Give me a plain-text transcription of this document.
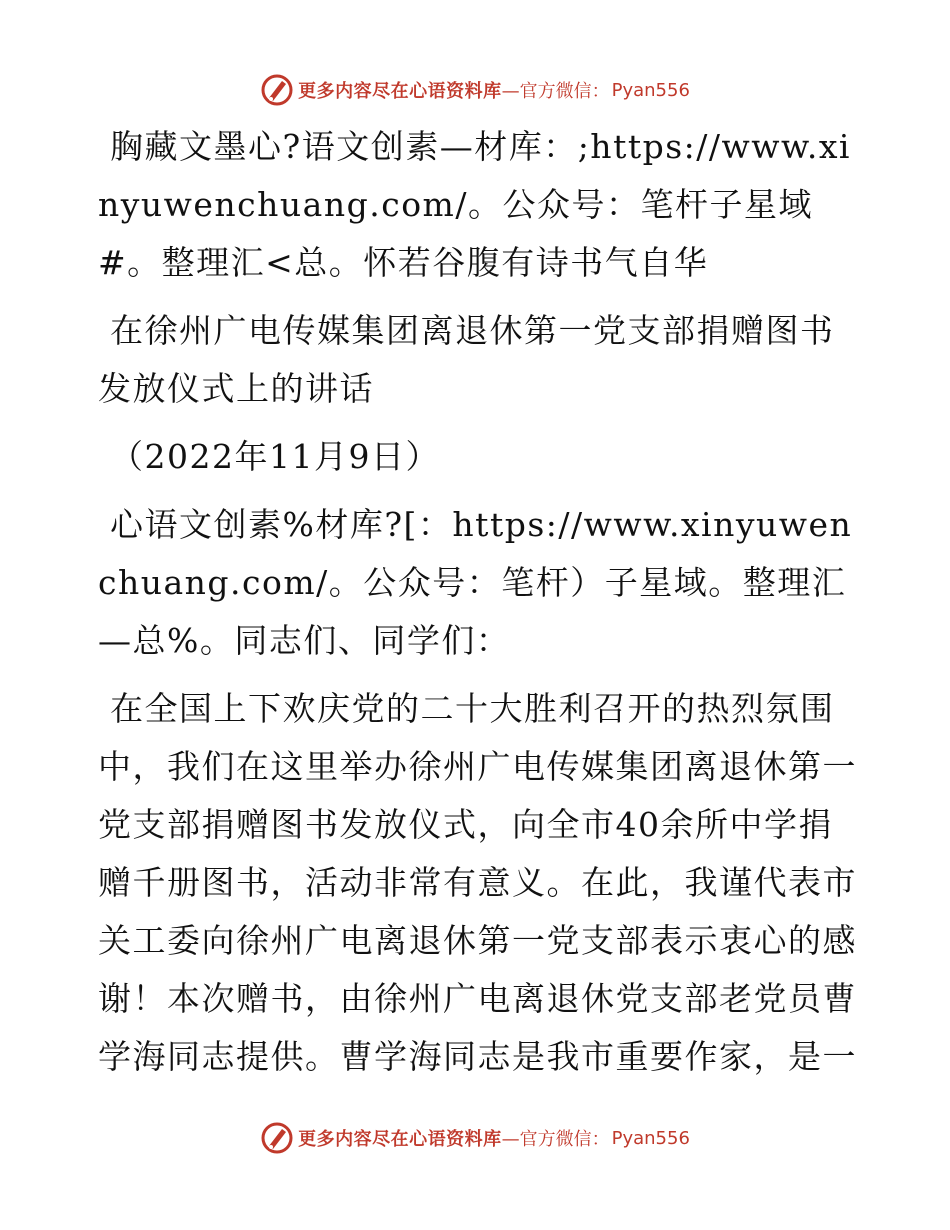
更多内容尽在心语资料库 —官方微信： Pyan556

胸藏文墨心?语文创素—材库：;https://www.xinyuwenchuang.com/。公众号：笔杆子星域#。整理汇<总。怀若谷腹有诗书气自华

在徐州广电传媒集团离退休第一党支部捐赠图书发放仪式上的讲话

（2022年11月9日）

心语文创素%材库?[：https://www.xinyuwenchuang.com/。公众号：笔杆）子星域。整理汇—总%。同志们、同学们：

在全国上下欢庆党的二十大胜利召开的热烈氛围中，我们在这里举办徐州广电传媒集团离退休第一党支部捐赠图书发放仪式，向全市40余所中学捐赠千册图书，活动非常有意义。在此，我谨代表市关工委向徐州广电离退休第一党支部表示衷心的感谢！本次赠书，由徐州广电离退休党支部老党员曹学海同志提供。曹学海同志是我市重要作家，是一

更多内容尽在心语资料库 —官方微信： Pyan556
